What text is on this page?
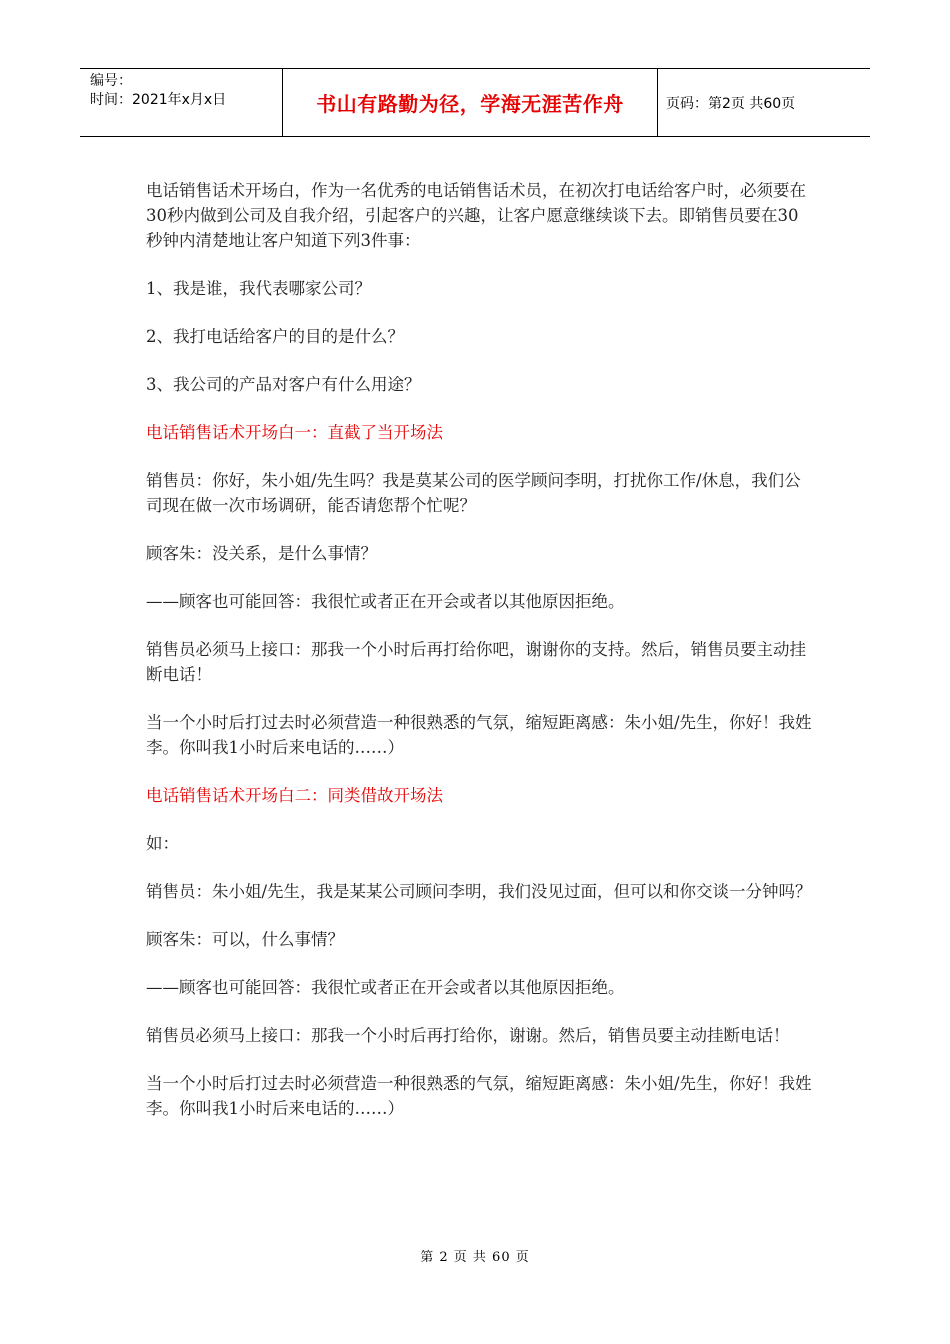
编号：
时间：2021年x月x日	书山有路勤为径，学海无涯苦作舟	页码：第2页 共60页

电话销售话术开场白，作为一名优秀的电话销售话术员，在初次打电话给客户时，必须要在30秒内做到公司及自我介绍，引起客户的兴趣，让客户愿意继续谈下去。即销售员要在30秒钟内清楚地让客户知道下列3件事：

1、我是谁，我代表哪家公司？

2、我打电话给客户的目的是什么？

3、我公司的产品对客户有什么用途？

电话销售话术开场白一：直截了当开场法

销售员：你好，朱小姐/先生吗？我是莫某公司的医学顾问李明，打扰你工作/休息，我们公司现在做一次市场调研，能否请您帮个忙呢？

顾客朱：没关系，是什么事情？

——顾客也可能回答：我很忙或者正在开会或者以其他原因拒绝。

销售员必须马上接口：那我一个小时后再打给你吧，谢谢你的支持。然后，销售员要主动挂断电话！

当一个小时后打过去时必须营造一种很熟悉的气氛，缩短距离感：朱小姐/先生，你好！我姓李。你叫我1小时后来电话的……）

电话销售话术开场白二：同类借故开场法

如：

销售员：朱小姐/先生，我是某某公司顾问李明，我们没见过面，但可以和你交谈一分钟吗？

顾客朱：可以，什么事情？

——顾客也可能回答：我很忙或者正在开会或者以其他原因拒绝。

销售员必须马上接口：那我一个小时后再打给你，谢谢。然后，销售员要主动挂断电话！

当一个小时后打过去时必须营造一种很熟悉的气氛，缩短距离感：朱小姐/先生，你好！我姓李。你叫我1小时后来电话的……）

第 2 页 共 60 页
